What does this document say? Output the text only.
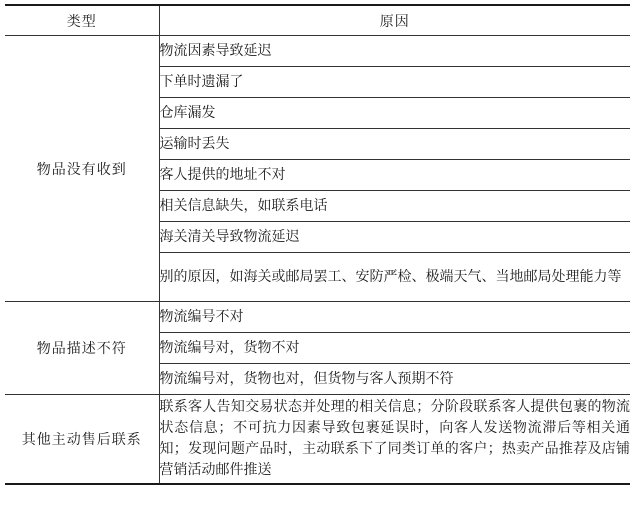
类型	原因
物品没有收到	物流因素导致延迟
	下单时遗漏了
	仓库漏发
	运输时丢失
	客人提供的地址不对
	相关信息缺失，如联系电话
	海关清关导致物流延迟
	别的原因，如海关或邮局罢工、安防严检、极端天气、当地邮局处理能力等
物品描述不符	物流编号不对
	物流编号对，货物不对
	物流编号对，货物也对，但货物与客人预期不符
其他主动售后联系	联系客人告知交易状态并处理的相关信息；分阶段联系客人提供包裹的物流状态信息；不可抗力因素导致包裹延误时，向客人发送物流滞后等相关通知；发现问题产品时，主动联系下了同类订单的客户；热卖产品推荐及店铺营销活动邮件推送
